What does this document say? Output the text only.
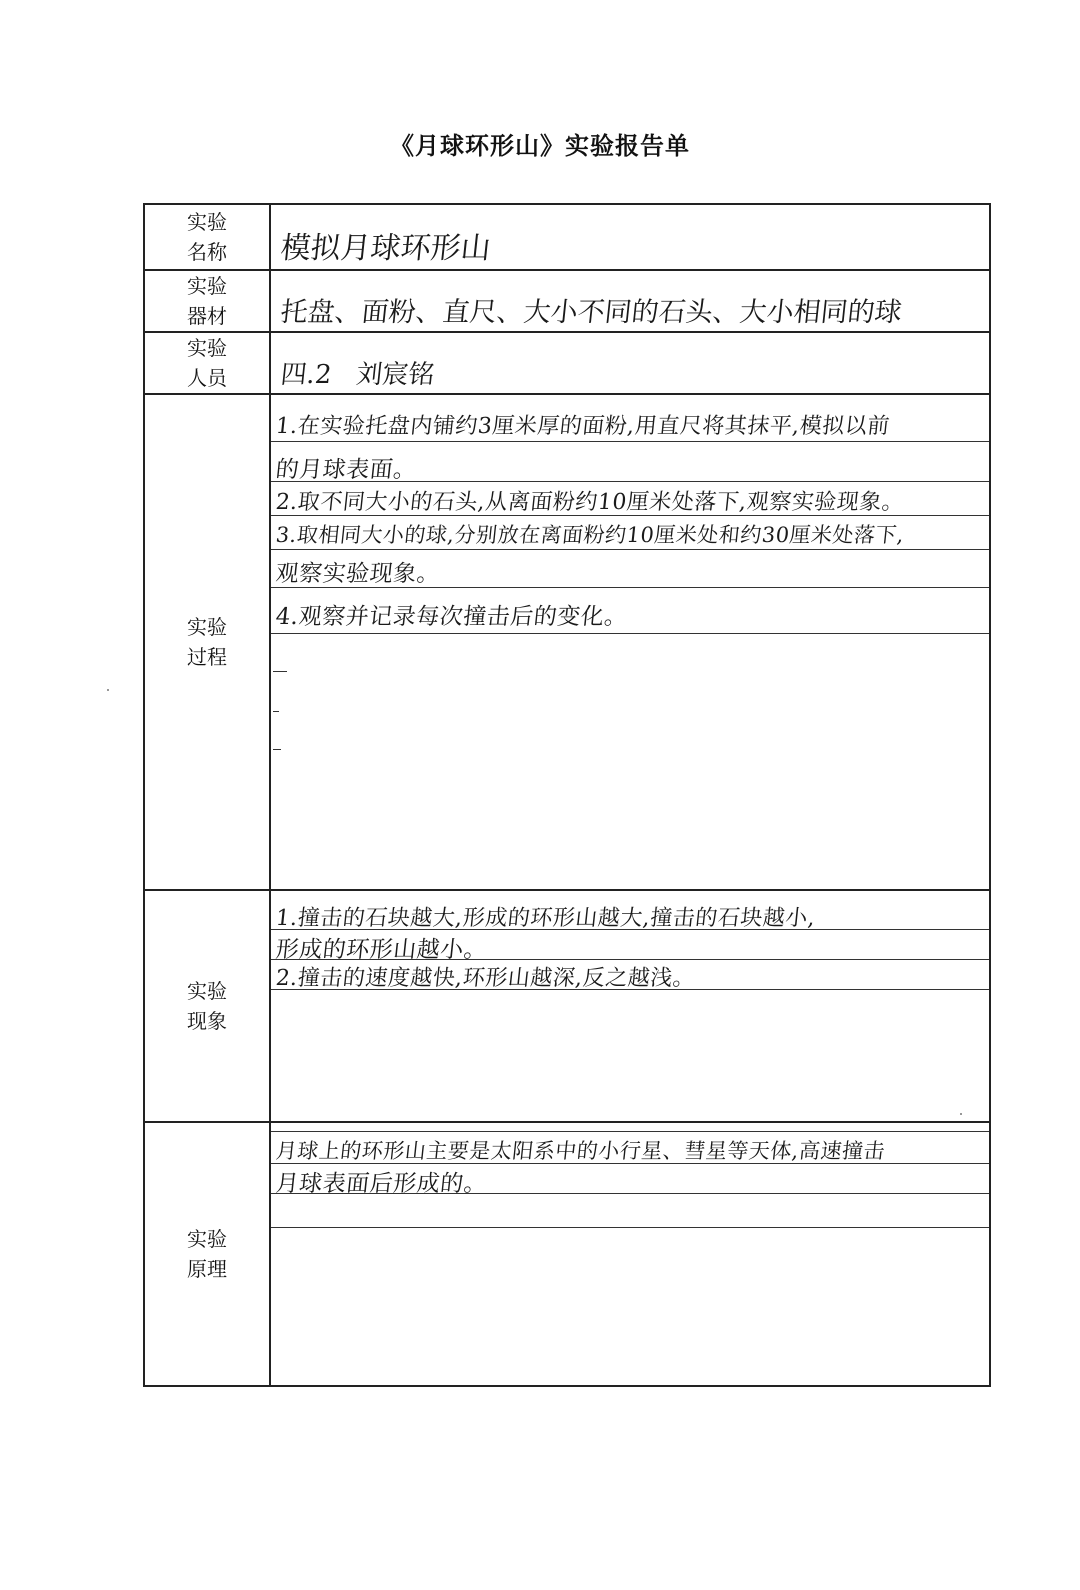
《月球环形山》实验报告单
实验
名称 模拟月球环形山
实验
器材 托盘、面粉、直尺、大小不同的石头、大小相同的球
实验
人员 四.2   刘宸铭
实验
过程
1.在实验托盘内铺约3厘米厚的面粉,用直尺将其抹平,模拟以前
的月球表面。
2.取不同大小的石头,从离面粉约10厘米处落下,观察实验现象。
3.取相同大小的球,分别放在离面粉约10厘米处和约30厘米处落下,
观察实验现象。
4.观察并记录每次撞击后的变化。
实验
现象
1.撞击的石块越大,形成的环形山越大,撞击的石块越小,
形成的环形山越小。
2.撞击的速度越快,环形山越深,反之越浅。
实验
原理
月球上的环形山主要是太阳系中的小行星、彗星等天体,高速撞击
月球表面后形成的。
